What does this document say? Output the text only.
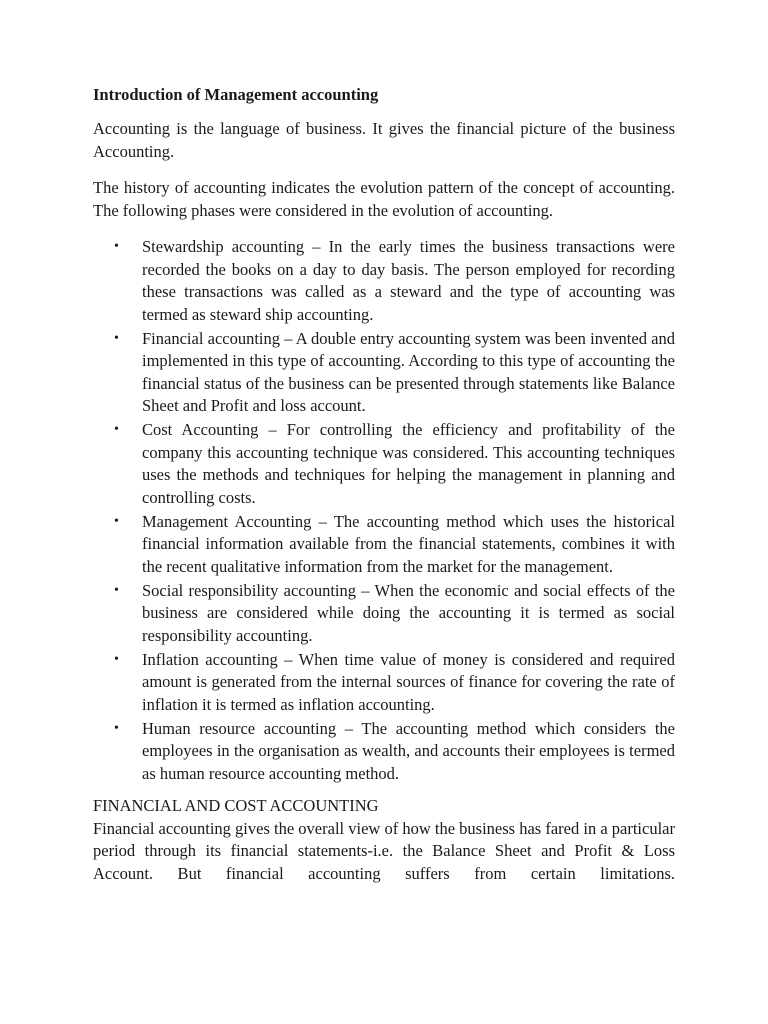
Introduction of Management accounting

Accounting is the language of business. It gives the financial picture of the business Accounting.

The history of accounting indicates the evolution pattern of the concept of accounting. The following phases were considered in the evolution of accounting.

• Stewardship accounting – In the early times the business transactions were recorded the books on a day to day basis. The person employed for recording these transactions was called as a steward and the type of accounting was termed as steward ship accounting.
• Financial accounting – A double entry accounting system was been invented and implemented in this type of accounting. According to this type of accounting the financial status of the business can be presented through statements like Balance Sheet and Profit and loss account.
• Cost Accounting – For controlling the efficiency and profitability of the company this accounting technique was considered. This accounting techniques uses the methods and techniques for helping the management in planning and controlling costs.
• Management Accounting – The accounting method which uses the historical financial information available from the financial statements, combines it with the recent qualitative information from the market for the management.
• Social responsibility accounting – When the economic and social effects of the business are considered while doing the accounting it is termed as social responsibility accounting.
• Inflation accounting – When time value of money is considered and required amount is generated from the internal sources of finance for covering the rate of inflation it is termed as inflation accounting.
• Human resource accounting – The accounting method which considers the employees in the organisation as wealth, and accounts their employees is termed as human resource accounting method.
FINANCIAL AND COST ACCOUNTING

Financial accounting gives the overall view of how the business has fared in a particular period through its financial statements-i.e. the Balance Sheet and Profit & Loss Account. But financial accounting suffers from certain limitations.
